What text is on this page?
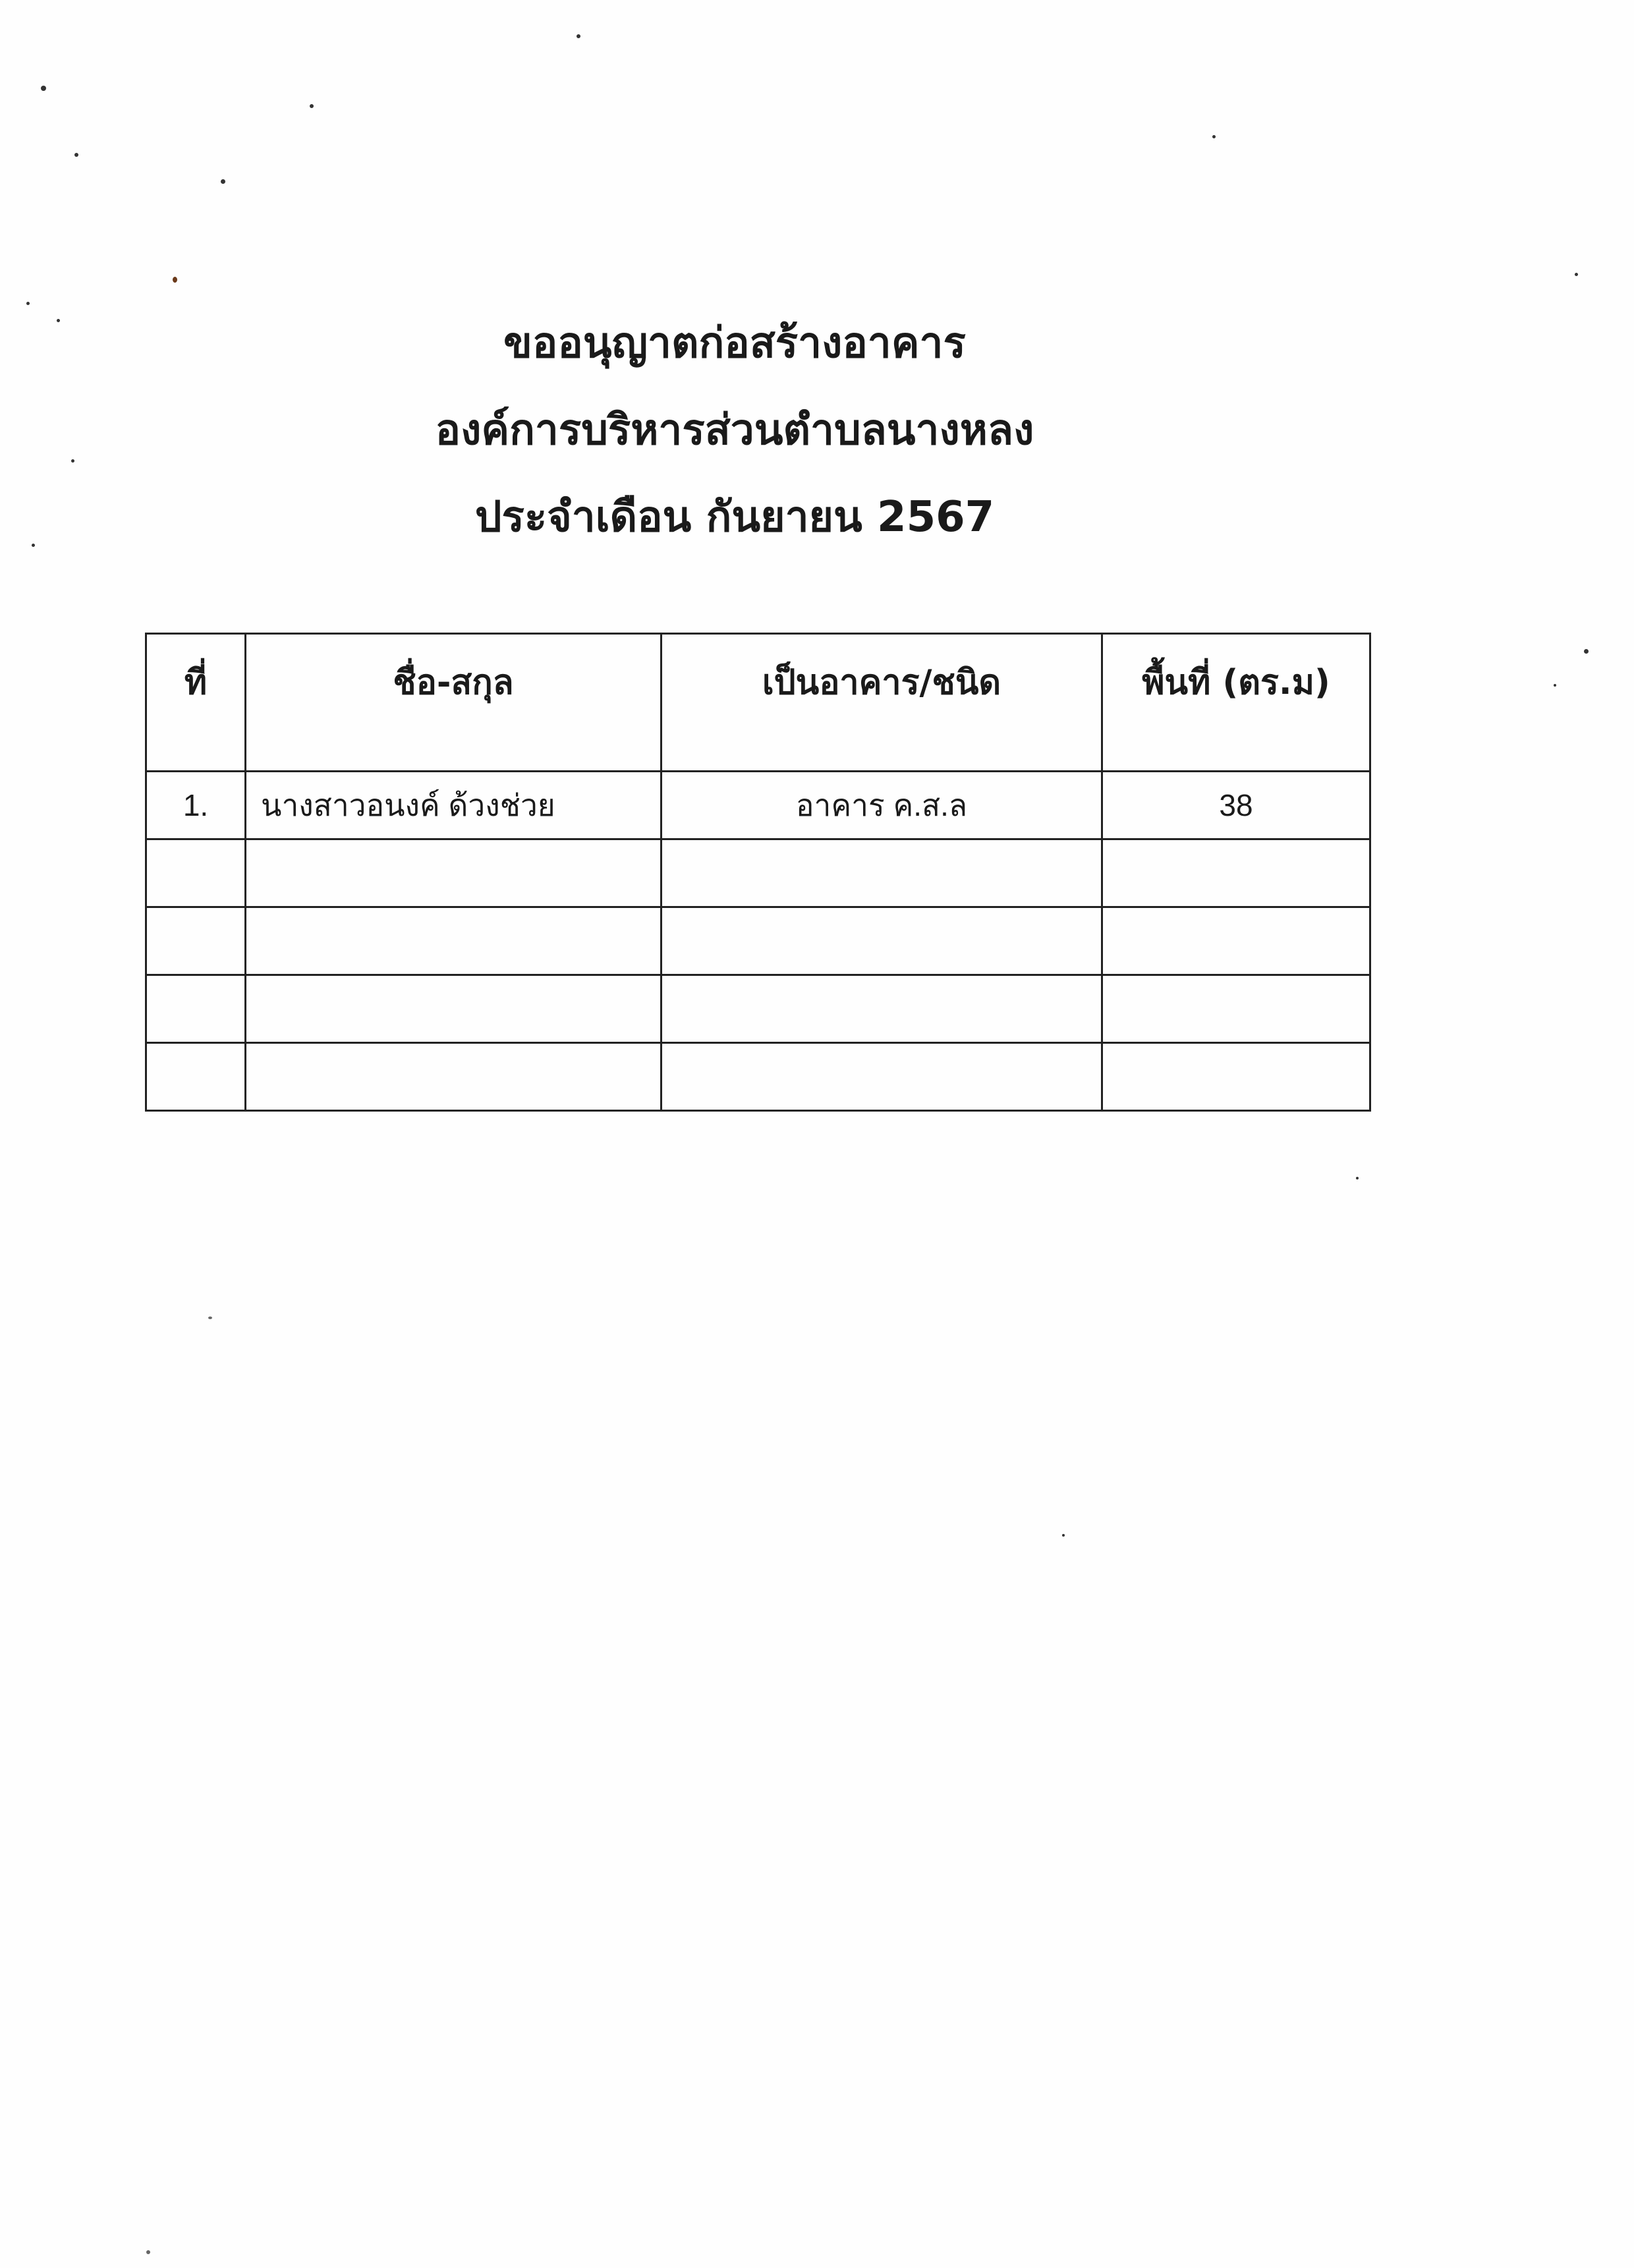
ขออนุญาตก่อสร้างอาคาร
องค์การบริหารส่วนตำบลนางหลง
ประจำเดือน กันยายน 2567
ที่	ชื่อ-สกุล	เป็นอาคาร/ชนิด	พื้นที่ (ตร.ม)
1.	นางสาวอนงค์ ด้วงช่วย	อาคาร ค.ส.ล	38
